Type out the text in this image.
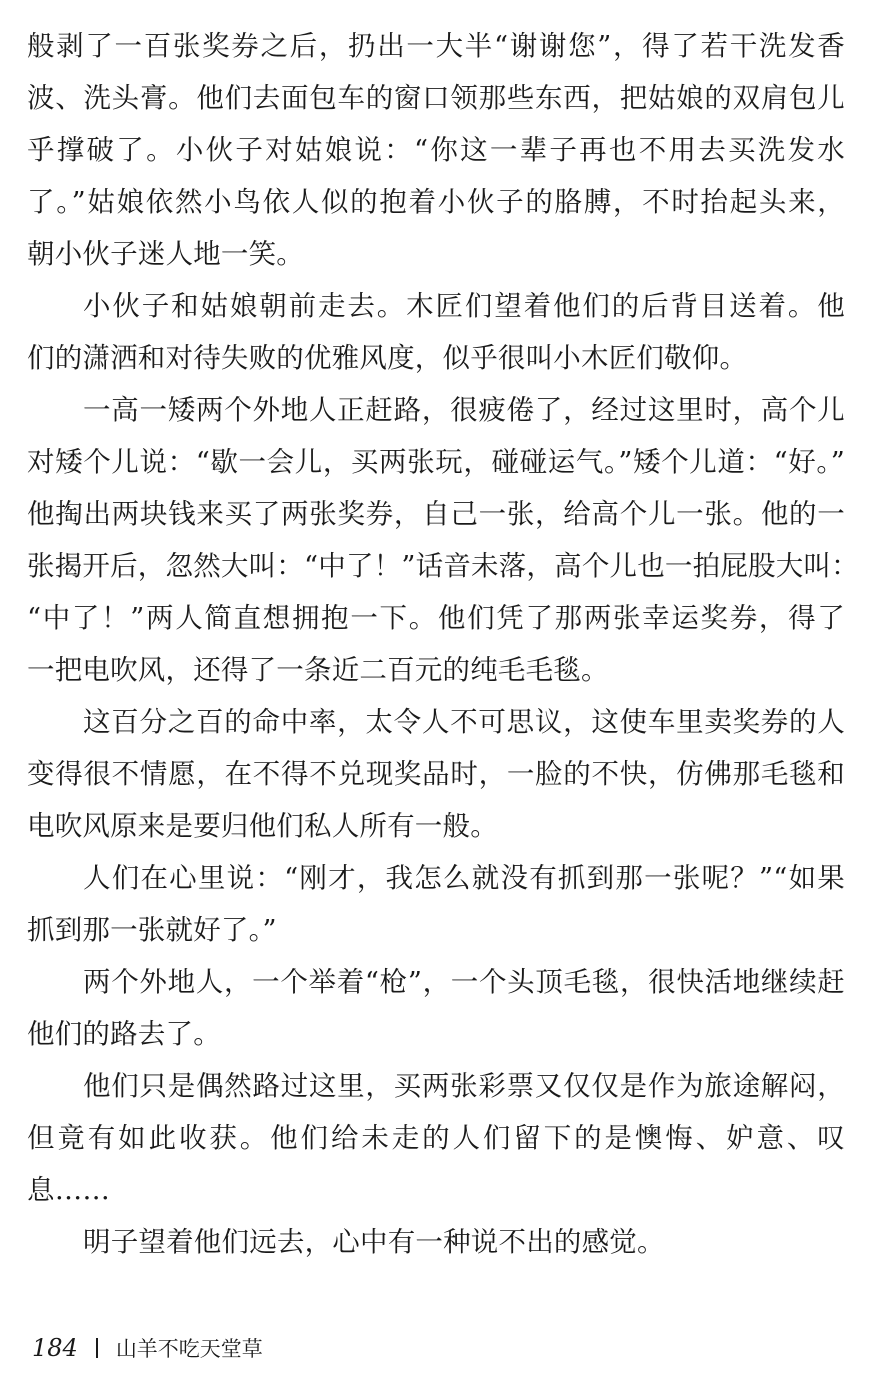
般剥了一百张奖券之后，扔出一大半“谢谢您”，得了若干洗发香
波、洗头膏。他们去面包车的窗口领那些东西，把姑娘的双肩包儿
乎撑破了。小伙子对姑娘说：“你这一辈子再也不用去买洗发水
了。”姑娘依然小鸟依人似的抱着小伙子的胳膊，不时抬起头来，
朝小伙子迷人地一笑。
小伙子和姑娘朝前走去。木匠们望着他们的后背目送着。他
们的潇洒和对待失败的优雅风度，似乎很叫小木匠们敬仰。
一高一矮两个外地人正赶路，很疲倦了，经过这里时，高个儿
对矮个儿说：“歇一会儿，买两张玩，碰碰运气。”矮个儿道：“好。”
他掏出两块钱来买了两张奖券，自己一张，给高个儿一张。他的一
张揭开后，忽然大叫：“中了！”话音未落，高个儿也一拍屁股大叫：
“中了！”两人简直想拥抱一下。他们凭了那两张幸运奖券，得了
一把电吹风，还得了一条近二百元的纯毛毛毯。
这百分之百的命中率，太令人不可思议，这使车里卖奖券的人
变得很不情愿，在不得不兑现奖品时，一脸的不快，仿佛那毛毯和
电吹风原来是要归他们私人所有一般。
人们在心里说：“刚才，我怎么就没有抓到那一张呢？”“如果
抓到那一张就好了。”
两个外地人，一个举着“枪”，一个头顶毛毯，很快活地继续赶
他们的路去了。
他们只是偶然路过这里，买两张彩票又仅仅是作为旅途解闷，
但竟有如此收获。他们给未走的人们留下的是懊悔、妒意、叹
息……
明子望着他们远去，心中有一种说不出的感觉。
184 山羊不吃天堂草
